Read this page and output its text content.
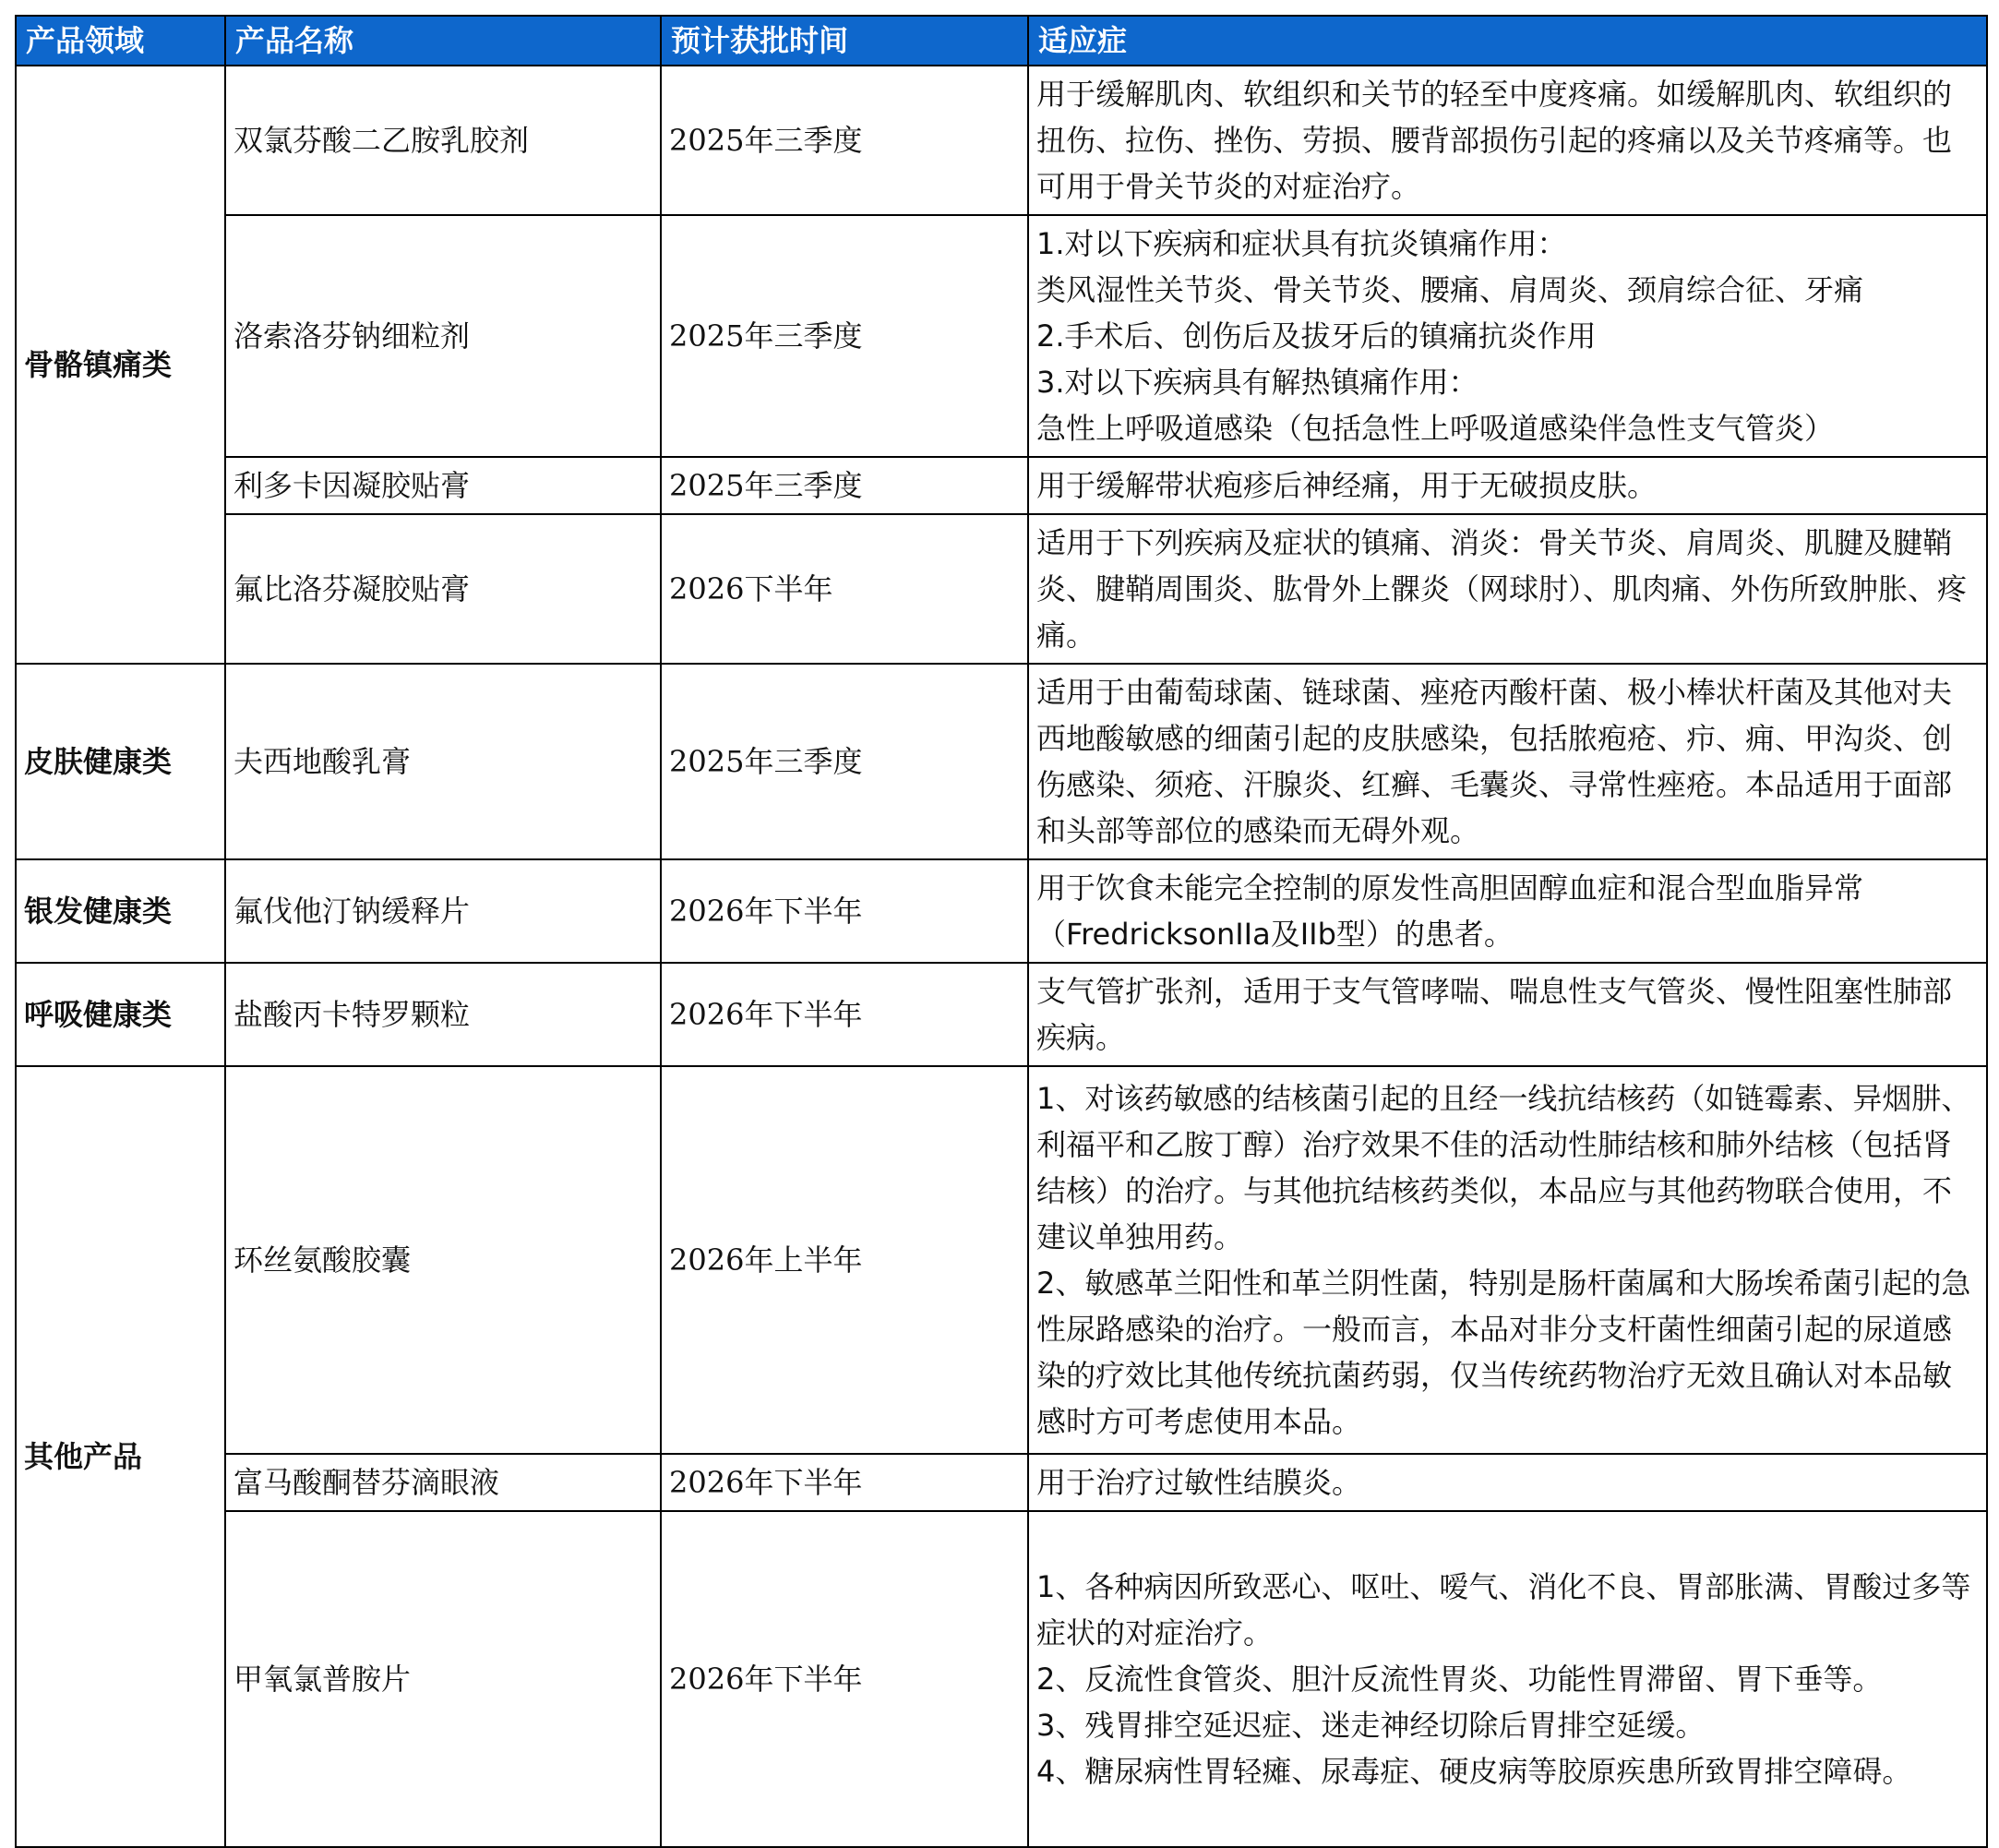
产品领域	产品名称	预计获批时间	适应症
骨骼镇痛类	双氯芬酸二乙胺乳胶剂	2025年三季度	用于缓解肌肉、软组织和关节的轻至中度疼痛。如缓解肌肉、软组织的扭伤、拉伤、挫伤、劳损、腰背部损伤引起的疼痛以及关节疼痛等。也可用于骨关节炎的对症治疗。
	洛索洛芬钠细粒剂	2025年三季度	1.对以下疾病和症状具有抗炎镇痛作用：
类风湿性关节炎、骨关节炎、腰痛、肩周炎、颈肩综合征、牙痛
2.手术后、创伤后及拔牙后的镇痛抗炎作用
3.对以下疾病具有解热镇痛作用：
急性上呼吸道感染（包括急性上呼吸道感染伴急性支气管炎）
	利多卡因凝胶贴膏	2025年三季度	用于缓解带状疱疹后神经痛，用于无破损皮肤。
	氟比洛芬凝胶贴膏	2026下半年	适用于下列疾病及症状的镇痛、消炎：骨关节炎、肩周炎、肌腱及腱鞘炎、腱鞘周围炎、肱骨外上髁炎（网球肘）、肌肉痛、外伤所致肿胀、疼痛。
皮肤健康类	夫西地酸乳膏	2025年三季度	适用于由葡萄球菌、链球菌、痤疮丙酸杆菌、极小棒状杆菌及其他对夫西地酸敏感的细菌引起的皮肤感染，包括脓疱疮、疖、痈、甲沟炎、创伤感染、须疮、汗腺炎、红癣、毛囊炎、寻常性痤疮。本品适用于面部和头部等部位的感染而无碍外观。
银发健康类	氟伐他汀钠缓释片	2026年下半年	用于饮食未能完全控制的原发性高胆固醇血症和混合型血脂异常（FredricksonIIa及IIb型）的患者。
呼吸健康类	盐酸丙卡特罗颗粒	2026年下半年	支气管扩张剂，适用于支气管哮喘、喘息性支气管炎、慢性阻塞性肺部疾病。
其他产品	环丝氨酸胶囊	2026年上半年	1、对该药敏感的结核菌引起的且经一线抗结核药（如链霉素、异烟肼、利福平和乙胺丁醇）治疗效果不佳的活动性肺结核和肺外结核（包括肾结核）的治疗。与其他抗结核药类似，本品应与其他药物联合使用，不建议单独用药。
2、敏感革兰阳性和革兰阴性菌，特别是肠杆菌属和大肠埃希菌引起的急性尿路感染的治疗。一般而言，本品对非分支杆菌性细菌引起的尿道感染的疗效比其他传统抗菌药弱，仅当传统药物治疗无效且确认对本品敏感时方可考虑使用本品。
	富马酸酮替芬滴眼液	2026年下半年	用于治疗过敏性结膜炎。
	甲氧氯普胺片	2026年下半年	1、各种病因所致恶心、呕吐、嗳气、消化不良、胃部胀满、胃酸过多等症状的对症治疗。
2、反流性食管炎、胆汁反流性胃炎、功能性胃滞留、胃下垂等。
3、残胃排空延迟症、迷走神经切除后胃排空延缓。
4、糖尿病性胃轻瘫、尿毒症、硬皮病等胶原疾患所致胃排空障碍。
